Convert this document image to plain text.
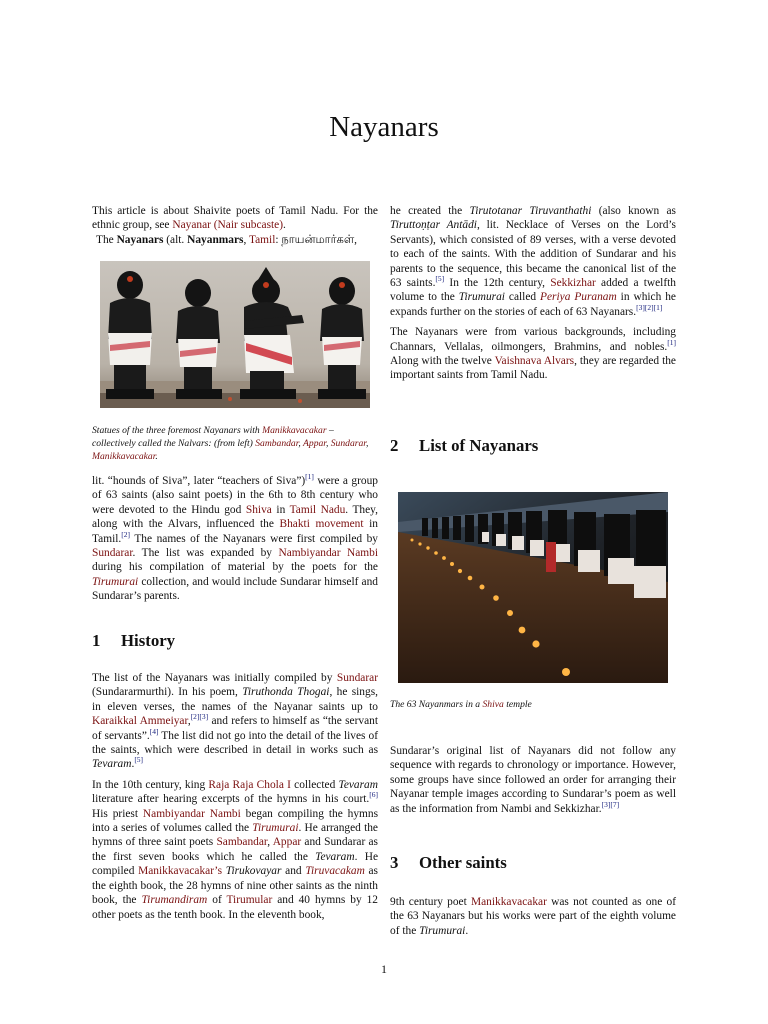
Nayanars

This article is about Shaivite poets of Tamil Nadu. For the ethnic group, see Nayanar (Nair subcaste).

The Nayanars (alt. Nayanmars, Tamil: நாயன்மார்கள்,

Statues of the three foremost Nayanars with Manikkavacakar – collectively called the Nalvars: (from left) Sambandar, Appar, Sundarar, Manikkavacakar.

lit. “hounds of Siva”, later “teachers of Siva”)[1] were a group of 63 saints (also saint poets) in the 6th to 8th century who were devoted to the Hindu god Shiva in Tamil Nadu. They, along with the Alvars, influenced the Bhakti movement in Tamil.[2] The names of the Nayanars were first compiled by Sundarar. The list was expanded by Nambiyandar Nambi during his compilation of material by the poets for the Tirumurai collection, and would include Sundarar himself and Sundarar’s parents.

1 History

The list of the Nayanars was initially compiled by Sundarar (Sundararmurthi). In his poem, Tiruthonda Thogai, he sings, in eleven verses, the names of the Nayanar saints up to Karaikkal Ammeiyar,[2][3] and refers to himself as “the servant of servants”.[4] The list did not go into the detail of the lives of the saints, which were described in detail in works such as Tevaram.[5]

In the 10th century, king Raja Raja Chola I collected Tevaram literature after hearing excerpts of the hymns in his court.[6] His priest Nambiyandar Nambi began compiling the hymns into a series of volumes called the Tirumurai. He arranged the hymns of three saint poets Sambandar, Appar and Sundarar as the first seven books which he called the Tevaram. He compiled Manikkavacakar’s Tirukovayar and Tiruvacakam as the eighth book, the 28 hymns of nine other saints as the ninth book, the Tirumandiram of Tirumular and 40 hymns by 12 other poets as the tenth book. In the eleventh book,

he created the Tirutotanar Tiruvanthathi (also known as Tiruttoṇṭar Antādi, lit. Necklace of Verses on the Lord’s Servants), which consisted of 89 verses, with a verse devoted to each of the saints. With the addition of Sundarar and his parents to the sequence, this became the canonical list of the 63 saints.[5] In the 12th century, Sekkizhar added a twelfth volume to the Tirumurai called Periya Puranam in which he expands further on the stories of each of 63 Nayanars.[3][2][1]

The Nayanars were from various backgrounds, including Channars, Vellalas, oilmongers, Brahmins, and nobles.[1] Along with the twelve Vaishnava Alvars, they are regarded the important saints from Tamil Nadu.

2 List of Nayanars
The 63 Nayanmars in a Shiva temple

Sundarar’s original list of Nayanars did not follow any sequence with regards to chronology or importance. However, some groups have since followed an order for arranging their Nayanar temple images according to Sundarar’s poem as well as the information from Nambi and Sekkizhar.[3][7]

3 Other saints

9th century poet Manikkavacakar was not counted as one of the 63 Nayanars but his works were part of the eighth volume of the Tirumurai.

1
